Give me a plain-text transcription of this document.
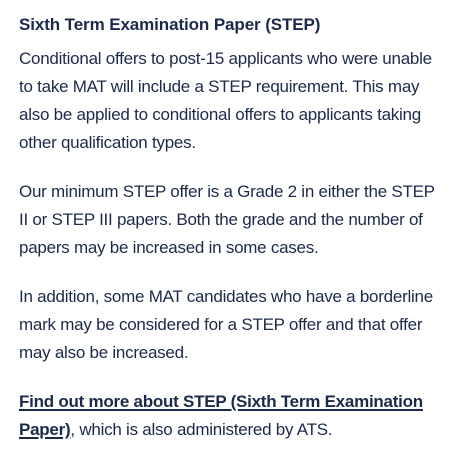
Sixth Term Examination Paper (STEP)

Conditional offers to post-15 applicants who were unable to take MAT will include a STEP requirement. This may also be applied to conditional offers to applicants taking other qualification types.

Our minimum STEP offer is a Grade 2 in either the STEP II or STEP III papers. Both the grade and the number of papers may be increased in some cases.

In addition, some MAT candidates who have a borderline mark may be considered for a STEP offer and that offer may also be increased.

Find out more about STEP (Sixth Term Examination Paper), which is also administered by ATS.
